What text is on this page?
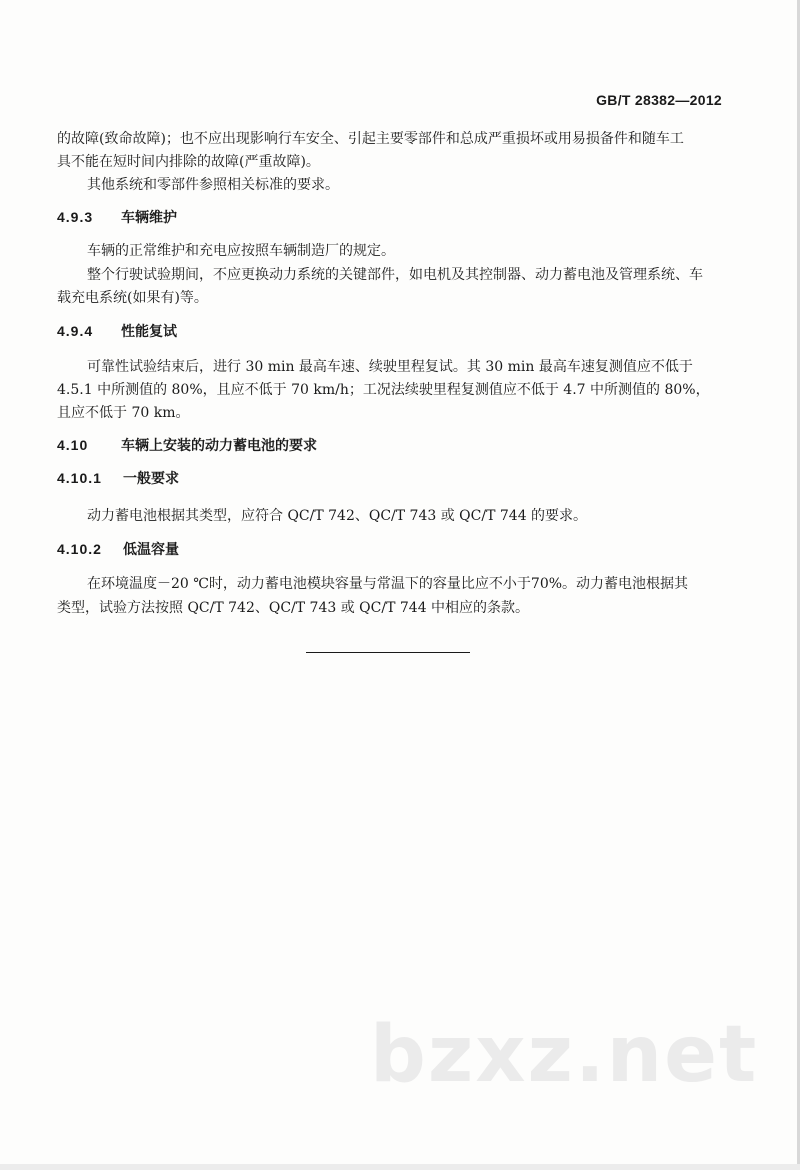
GB/T 28382—2012
的故障(致命故障)；也不应出现影响行车安全、引起主要零部件和总成严重损坏或用易损备件和随车工
具不能在短时间内排除的故障(严重故障)。
其他系统和零部件参照相关标准的要求。
4.9.3 车辆维护
车辆的正常维护和充电应按照车辆制造厂的规定。
整个行驶试验期间，不应更换动力系统的关键部件，如电机及其控制器、动力蓄电池及管理系统、车
载充电系统(如果有)等。
4.9.4 性能复试
可靠性试验结束后，进行 30 min 最高车速、续驶里程复试。其 30 min 最高车速复测值应不低于
4.5.1 中所测值的 80%，且应不低于 70 km/h；工况法续驶里程复测值应不低于 4.7 中所测值的 80%，
且应不低于 70 km。
4.10 车辆上安装的动力蓄电池的要求
4.10.1 一般要求
动力蓄电池根据其类型，应符合 QC/T 742、QC/T 743 或 QC/T 744 的要求。
4.10.2 低温容量
在环境温度－20 ℃时，动力蓄电池模块容量与常温下的容量比应不小于70%。动力蓄电池根据其
类型，试验方法按照 QC/T 742、QC/T 743 或 QC/T 744 中相应的条款。
bzxz.net
